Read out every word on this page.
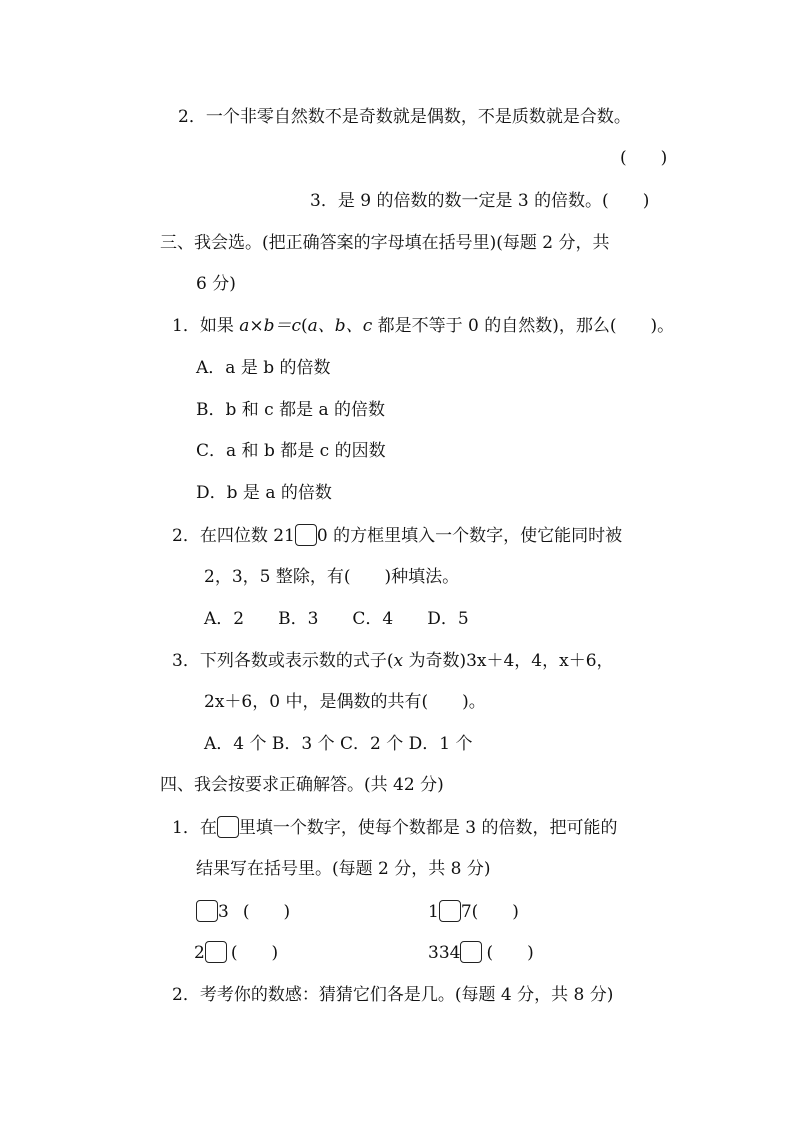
2．一个非零自然数不是奇数就是偶数，不是质数就是合数。
(　　)
3．是 9 的倍数的数一定是 3 的倍数。(　　)
三、我会选。(把正确答案的字母填在括号里)(每题 2 分，共
6 分)
1．如果 a×b＝c(a、b、c 都是不等于 0 的自然数)，那么(　　)。
A．a 是 b 的倍数
B．b 和 c 都是 a 的倍数
C．a 和 b 都是 c 的因数
D．b 是 a 的倍数
2．在四位数 21 0 的方框里填入一个数字，使它能同时被
2，3，5 整除，有(　　)种填法。
A．2　　B．3　　C．4　　D．5
3．下列各数或表示数的式子(x 为奇数)3x＋4，4，x＋6，
2x＋6，0 中，是偶数的共有(　　)。
A．4 个 B．3 个 C．2 个 D．1 个
四、我会按要求正确解答。(共 42 分)
1．在 里填一个数字，使每个数都是 3 的倍数，把可能的
结果写在括号里。(每题 2 分，共 8 分)
3 (　　)	1 7(　　)
2 (　　)	334 (　　)
2．考考你的数感：猜猜它们各是几。(每题 4 分，共 8 分)
